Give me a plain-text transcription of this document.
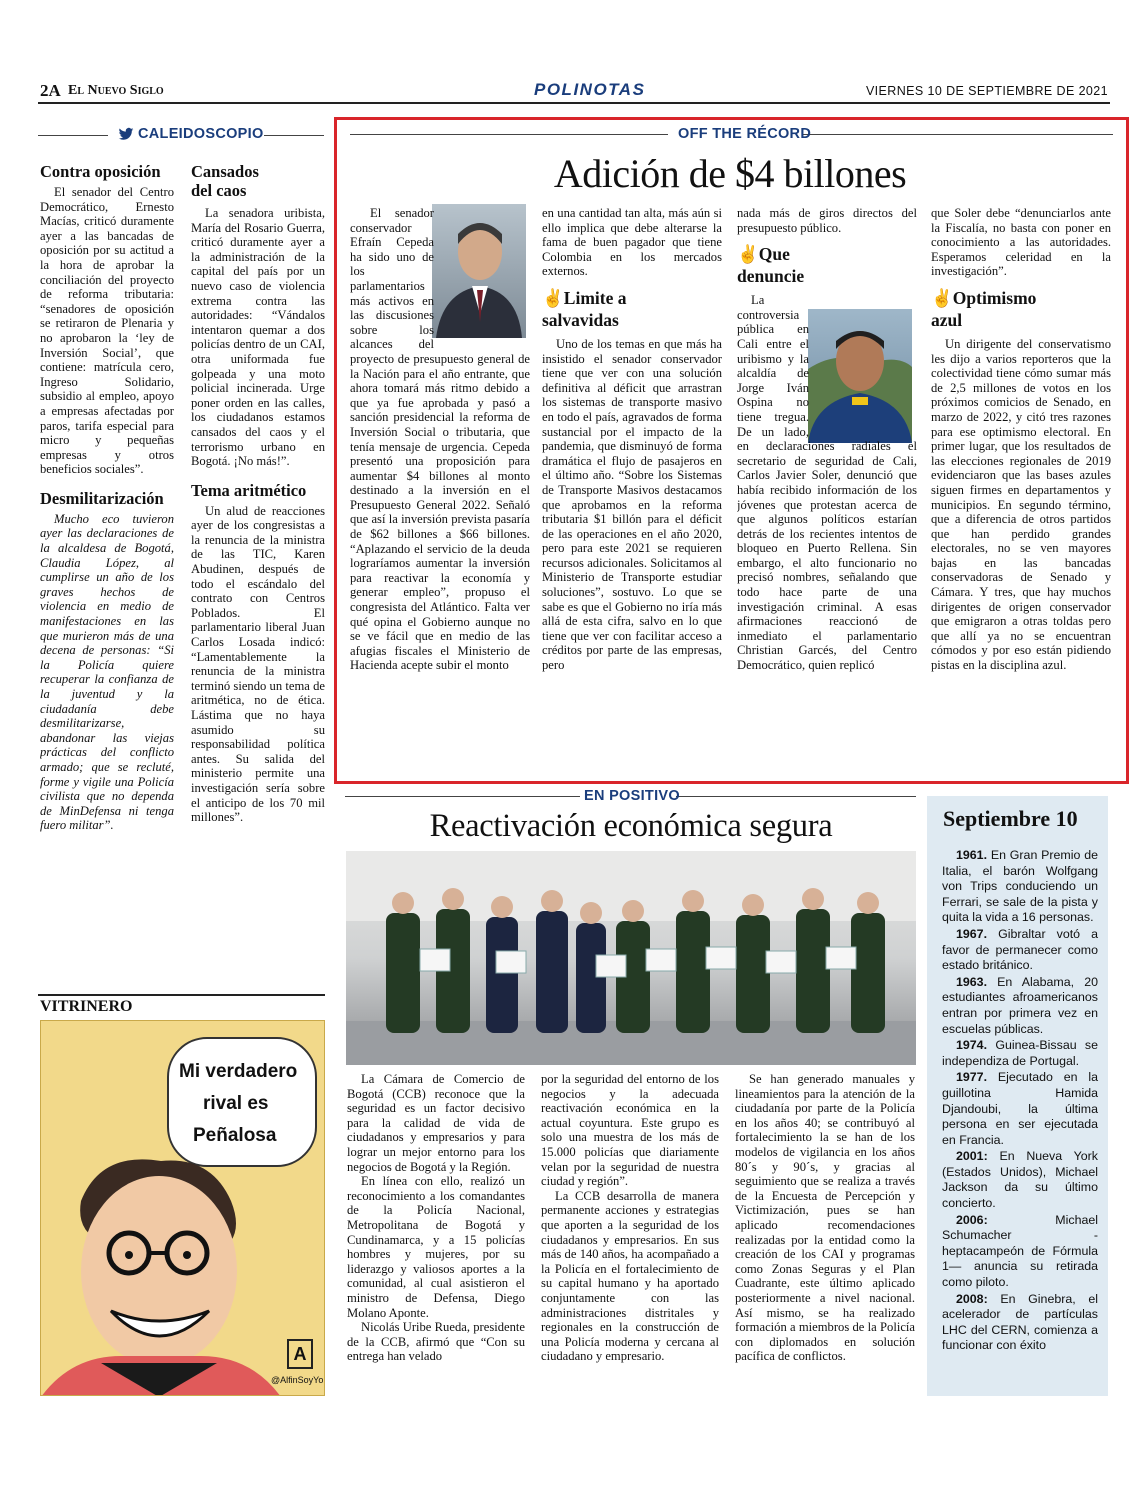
2A El Nuevo Siglo	POLINOTAS	VIERNES 10 DE SEPTIEMBRE DE 2021
CALEIDOSCOPIO
Contra oposición

El senador del Centro Democrático, Ernesto Macías, criticó duramente ayer a las bancadas de oposición por su actitud a la hora de aprobar la conciliación del proyecto de reforma tributaria: “senadores de oposición se retiraron de Plenaria y no aprobaron la ‘ley de Inversión Social’, que contiene: matrícula cero, Ingreso Solidario, subsidio al empleo, apoyo a empresas afectadas por paros, tarifa especial para micro y pequeñas empresas y otros beneficios sociales”.

Desmilitarización

Mucho eco tuvieron ayer las declaraciones de la alcaldesa de Bogotá, Claudia López, al cumplirse un año de los graves hechos de violencia en medio de manifestaciones en las que murieron más de una decena de personas: “Si la Policía quiere recuperar la confianza de la juventud y la ciudadanía debe desmilitarizarse, abandonar las viejas prácticas del conflicto armado; que se recluté, forme y vigile una Policía civilista que no dependa de MinDefensa ni tenga fuero militar”.

Cansados
del caos

La senadora uribista, María del Rosario Guerra, criticó duramente ayer a la administración de la capital del país por un nuevo caso de violencia extrema contra las autoridades: “Vándalos intentaron quemar a dos policías dentro de un CAI, otra uniformada fue golpeada y una moto policial incinerada. Urge poner orden en las calles, los ciudadanos estamos cansados del caos y el terrorismo urbano en Bogotá. ¡No más!”.

Tema aritmético

Un alud de reacciones ayer de los congresistas a la renuncia de la ministra de las TIC, Karen Abudinen, después de todo el escándalo del contrato con Centros Poblados. El parlamentario liberal Juan Carlos Losada indicó: “Lamentablemente la renuncia de la ministra terminó siendo un tema de aritmética, no de ética. Lástima que no haya asumido su responsabilidad política antes. Su salida del ministerio permite una investigación sería sobre el anticipo de los 70 mil millones”.

VITRINERO
Mi verdadero
rival es
Peñalosa
A
@AlfinSoyYo
OFF THE RÉCORD
Adición de $4 billones

El senador conservador Efraín Cepeda ha sido uno de los parlamentarios más activos en las discusiones sobre los alcances del proyecto de presupuesto general de la Nación para el año entrante, que ahora tomará más ritmo debido a que ya fue aprobada y pasó a sanción presidencial la reforma de Inversión Social o tributaria, que tenía mensaje de urgencia. Cepeda presentó una proposición para aumentar $4 billones al monto destinado a la inversión en el Presupuesto General 2022. Señaló que así la inversión prevista pasaría de $62 billones a $66 billones. “Aplazando el servicio de la deuda lograríamos aumentar la inversión para reactivar la economía y generar empleo”, propuso el congresista del Atlántico. Falta ver qué opina el Gobierno aunque no se ve fácil que en medio de las afugias fiscales el Ministerio de Hacienda acepte subir el monto

en una cantidad tan alta, más aún si ello implica que debe alterarse la fama de buen pagador que tiene Colombia en los mercados externos.

✌Limite a
salvavidas

Uno de los temas en que más ha insistido el senador conservador tiene que ver con una solución definitiva al déficit que arrastran los sistemas de transporte masivo en todo el país, agravados de forma sustancial por el impacto de la pandemia, que disminuyó de forma dramática el flujo de pasajeros en el último año. “Sobre los Sistemas de Transporte Masivos destacamos que aprobamos en la reforma tributaria $1 billón para el déficit de las operaciones en el año 2020, pero para este 2021 se requieren recursos adicionales. Solicitamos al Ministerio de Transporte estudiar soluciones”, sostuvo. Lo que se sabe es que el Gobierno no iría más allá de esta cifra, salvo en lo que tiene que ver con facilitar acceso a créditos por parte de las empresas, pero

nada más de giros directos del presupuesto público.

✌Que
denuncie

La controversia pública en Cali entre el uribismo y la alcaldía de Jorge Iván Ospina no tiene tregua. De un lado, en declaraciones radiales el secretario de seguridad de Cali, Carlos Javier Soler, denunció que había recibido información de los jóvenes que protestan acerca de que algunos políticos estarían detrás de los recientes intentos de bloqueo en Puerto Rellena. Sin embargo, el alto funcionario no precisó nombres, señalando que todo hace parte de una investigación criminal. A esas afirmaciones reaccionó de inmediato el parlamentario Christian Garcés, del Centro Democrático, quien replicó

que Soler debe “denunciarlos ante la Fiscalía, no basta con poner en conocimiento a las autoridades. Esperamos celeridad en la investigación”.

✌Optimismo
azul

Un dirigente del conservatismo les dijo a varios reporteros que la colectividad tiene cómo sumar más de 2,5 millones de votos en los próximos comicios de Senado, en marzo de 2022, y citó tres razones para ese optimismo electoral. En primer lugar, que los resultados de las elecciones regionales de 2019 evidenciaron que las bases azules siguen firmes en departamentos y municipios. En segundo término, que a diferencia de otros partidos que han perdido grandes electorales, no se ven mayores bajas en las bancadas conservadoras de Senado y Cámara. Y tres, que hay muchos dirigentes de origen conservador que emigraron a otras toldas pero que allí ya no se encuentran cómodos y por eso están pidiendo pistas en la disciplina azul.

EN POSITIVO
Reactivación económica segura

La Cámara de Comercio de Bogotá (CCB) reconoce que la seguridad es un factor decisivo para la calidad de vida de ciudadanos y empresarios y para lograr un mejor entorno para los negocios de Bogotá y la Región.

En línea con ello, realizó un reconocimiento a los comandantes de la Policía Nacional, Metropolitana de Bogotá y Cundinamarca, y a 15 policías hombres y mujeres, por su liderazgo y valiosos aportes a la comunidad, al cual asistieron el ministro de Defensa, Diego Molano Aponte.

Nicolás Uribe Rueda, presidente de la CCB, afirmó que “Con su entrega han velado

por la seguridad del entorno de los negocios y la adecuada reactivación económica en la actual coyuntura. Este grupo es solo una muestra de los más de 15.000 policías que diariamente velan por la seguridad de nuestra ciudad y región”.

La CCB desarrolla de manera permanente acciones y estrategias que aporten a la seguridad de los ciudadanos y empresarios. En sus más de 140 años, ha acompañado a la Policía en el fortalecimiento de su capital humano y ha aportado conjuntamente con las administraciones distritales y regionales en la construcción de una Policía moderna y cercana al ciudadano y empresario.

Se han generado manuales y lineamientos para la atención de la ciudadanía por parte de la Policía en los años 40; se contribuyó al fortalecimiento la se han de los modelos de vigilancia en los años 80´s y 90´s, y gracias al seguimiento que se realiza a través de la Encuesta de Percepción y Victimización, pues se han aplicado recomendaciones realizadas por la entidad como la creación de los CAI y programas como Zonas Seguras y el Plan Cuadrante, este último aplicado posteriormente a nivel nacional. Así mismo, se ha realizado formación a miembros de la Policía con diplomados en solución pacífica de conflictos.

Septiembre 10

1961. En Gran Premio de Italia, el barón Wolfgang von Trips conduciendo un Ferrari, se sale de la pista y quita la vida a 16 personas.

1967. Gibraltar votó a favor de permanecer como estado británico.

1963. En Alabama, 20 estudiantes afroamericanos entran por primera vez en escuelas públicas.

1974. Guinea-Bissau se independiza de Portugal.

1977. Ejecutado en la guillotina Hamida Djandoubi, la última persona en ser ejecutada en Francia.

2001: En Nueva York (Estados Unidos), Michael Jackson da su último concierto.

2006:	Michael Schumacher -heptacampeón de Fórmula 1— anuncia su retirada como piloto.

2008: En Ginebra, el acelerador de partículas LHC del CERN, comienza a funcionar con éxito
